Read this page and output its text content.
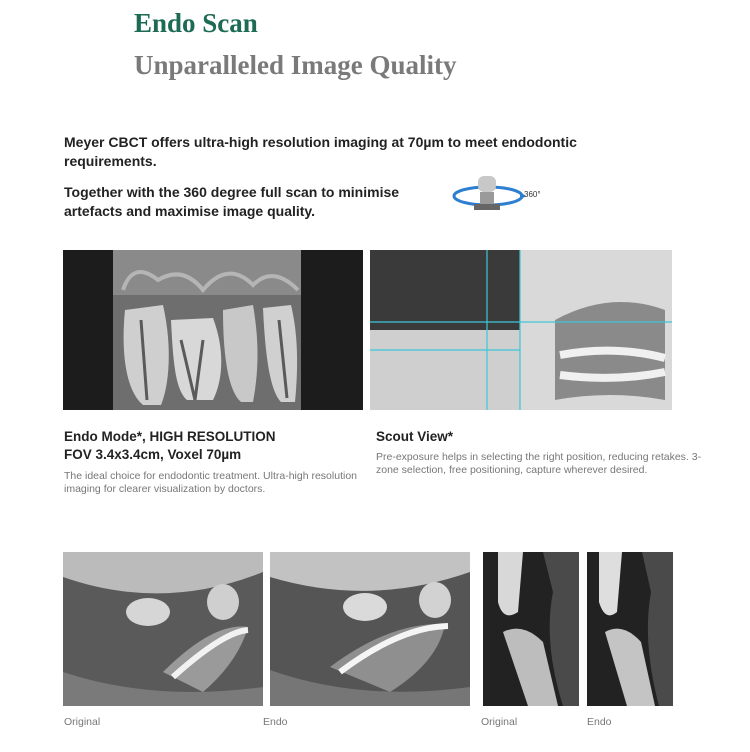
Endo Scan
Unparalleled Image Quality
Meyer CBCT offers ultra-high resolution imaging at 70µm to meet endodontic requirements.
Together with the 360 degree full scan to minimise artefacts and maximise image quality.
360°
Endo Mode*, HIGH RESOLUTION
FOV 3.4x3.4cm, Voxel 70µm
The ideal choice for endodontic treatment. Ultra-high resolution imaging for clearer visualization by doctors.
Scout View*
Pre-exposure helps in selecting the right position, reducing retakes. 3-zone selection, free positioning, capture wherever desired.
Original	Endo	Original	Endo
